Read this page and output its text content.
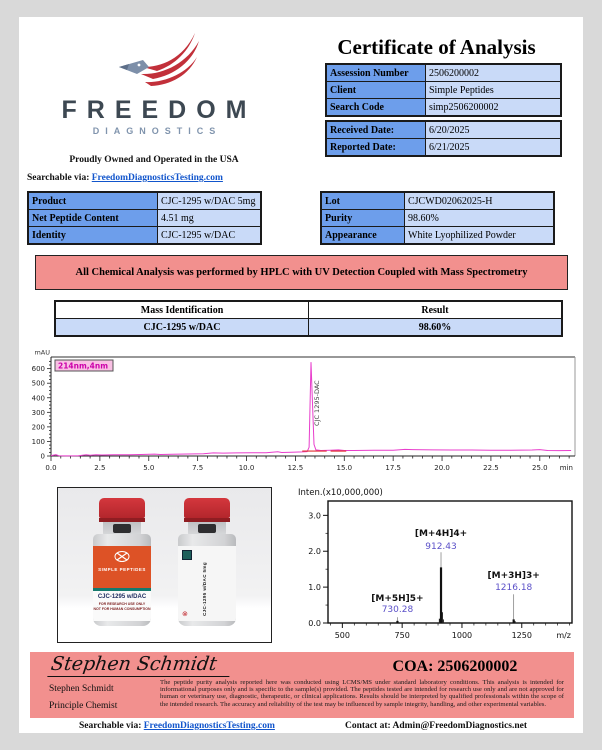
FREEDOM
DIAGNOSTICS
Proudly Owned and Operated in the USA
Searchable via: FreedomDiagnosticsTesting.com
Certificate of Analysis
Assession Number	2506200002
Client	Simple Peptides
Search Code	simp2506200002
Received Date:	6/20/2025
Reported Date:	6/21/2025
Product	CJC-1295 w/DAC 5mg
Net Peptide Content	4.51 mg
Identity	CJC-1295 w/DAC
Lot	CJCWD02062025-H
Purity	98.60%
Appearance	White Lyophilized Powder
All Chemical Analysis was performed by HPLC with UV Detection Coupled with Mass Spectrometry
Mass Identification	Result
CJC-1295 w/DAC	98.60%
mAU
0
100
200
300
400
500
600
0.0	2.5	5.0	7.5	10.0	12.5	15.0	17.5	20.0	22.5	25.0 min
CJC 1295-DAC
214nm,4nm
SIMPLE PEPTIDES
CJC-1295 w/DAC
FOR RESEARCH USE ONLY
NOT FOR HUMAN CONSUMPTION	CJC-1295 w/DAC 5mg
⊗
Inten.(x10,000,000)
0.0
1.0
2.0
3.0
500	750	1000	1250	m/z
[M+5H]5+
730.28
[M+4H]4+
912.43
[M+3H]3+
1216.18
Stephen Schmidt	COA: 2506200002
Stephen Schmidt
Principle Chemist
The peptide purity analysis reported here was conducted using LCMS/MS under standard laboratory conditions. This analysis is intended for informational purposes only and is specific to the sample(s) provided. The peptides tested are intended for research use only and are not approved for human or veterinary use, diagnostic, therapeutic, or clinical applications. Results should be interpreted by qualified professionals within the scope of the intended research. The accuracy and reliability of the test may be influenced by sample integrity, handling, and other experimental variables.
Searchable via: FreedomDiagnosticsTesting.com	Contact at: Admin@FreedomDiagnostics.net
